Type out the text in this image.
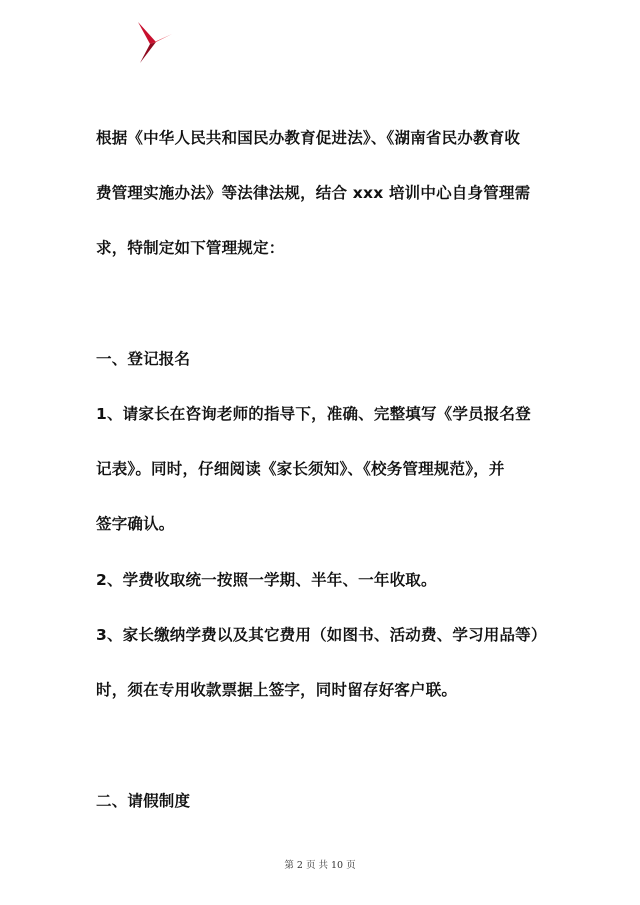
根据《中华人民共和国民办教育促进法》、《湖南省民办教育收
费管理实施办法》等法律法规，结合 xxx 培训中心自身管理需
求，特制定如下管理规定：
一、登记报名
1、请家长在咨询老师的指导下，准确、完整填写《学员报名登
记表》。同时，仔细阅读《家长须知》、《校务管理规范》，并
签字确认。
2、学费收取统一按照一学期、半年、一年收取。
3、家长缴纳学费以及其它费用（如图书、活动费、学习用品等）
时，须在专用收款票据上签字，同时留存好客户联。
二、请假制度
第 2 页 共 10 页
